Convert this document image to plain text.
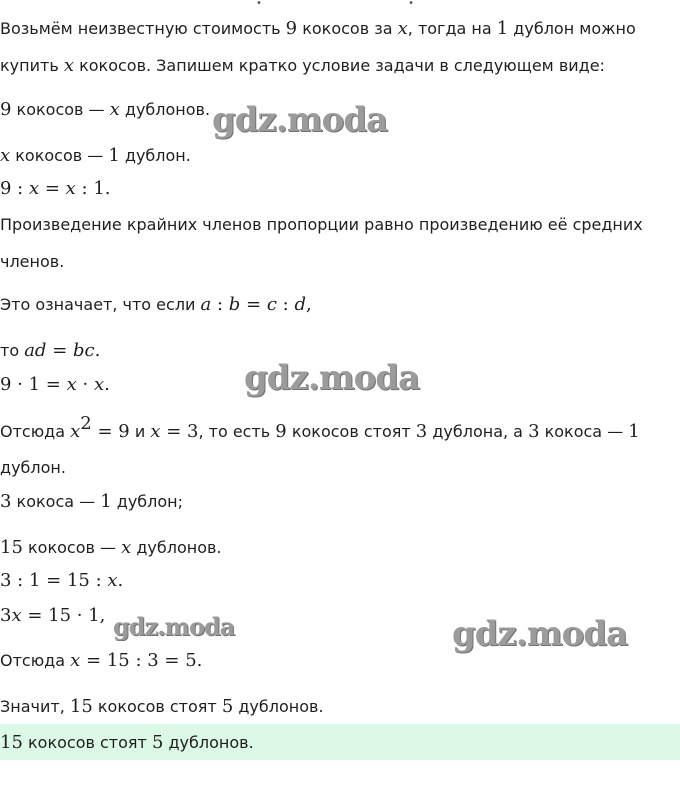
•                                              •
Возьмём неизвестную стоимость 9 кокосов за x, тогда на 1 дублон можно
купить x кокосов. Запишем кратко условие задачи в следующем виде:
9 кокосов — x дублонов.
x кокосов — 1 дублон.
9 : x = x : 1.
Произведение крайних членов пропорции равно произведению её средних
членов.
Это означает, что если a : b = c : d,
то ad = bc.
9 · 1 = x · x.
Отсюда $x^2 = 9$ и x = 3, то есть 9 кокосов стоят 3 дублона, а 3 кокоса — 1
дублон.
3 кокоса — 1 дублон;
15 кокосов — x дублонов.
3 : 1 = 15 : x.
3x = 15 · 1,
Отсюда x = 15 : 3 = 5.
Значит, 15 кокосов стоят 5 дублонов.
15 кокосов стоят 5 дублонов.
gdz.moda
gdz.moda
gdz.moda	gdz.moda
